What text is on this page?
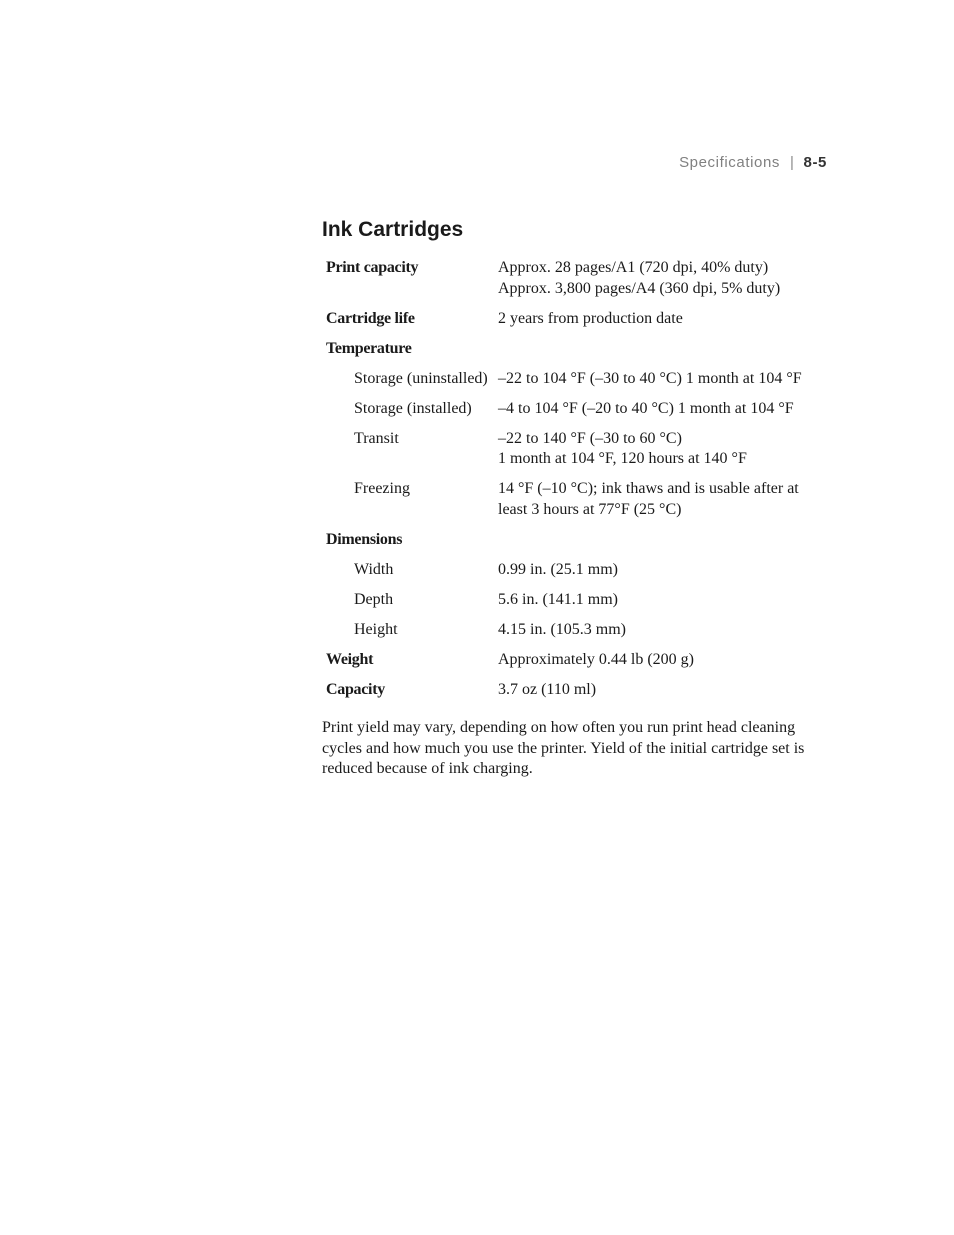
Specifications | 8-5
Ink Cartridges
Print capacity	Approx. 28 pages/A1 (720 dpi, 40% duty)
Approx. 3,800 pages/A4 (360 dpi, 5% duty)
Cartridge life	2 years from production date
Temperature
Storage (uninstalled) –22 to 104 °F (–30 to 40 °C) 1 month at 104 °F
Storage (installed)	–4 to 104 °F (–20 to 40 °C) 1 month at 104 °F
Transit	–22 to 140 °F (–30 to 60 °C)
1 month at 104 °F, 120 hours at 140 °F
Freezing	14 °F (–10 °C); ink thaws and is usable after at
least 3 hours at 77°F (25 °C)
Dimensions
Width	0.99 in. (25.1 mm)
Depth	5.6 in. (141.1 mm)
Height	4.15 in. (105.3 mm)
Weight	Approximately 0.44 lb (200 g)
Capacity	3.7 oz (110 ml)

Print yield may vary, depending on how often you run print head cleaning
cycles and how much you use the printer. Yield of the initial cartridge set is
reduced because of ink charging.
